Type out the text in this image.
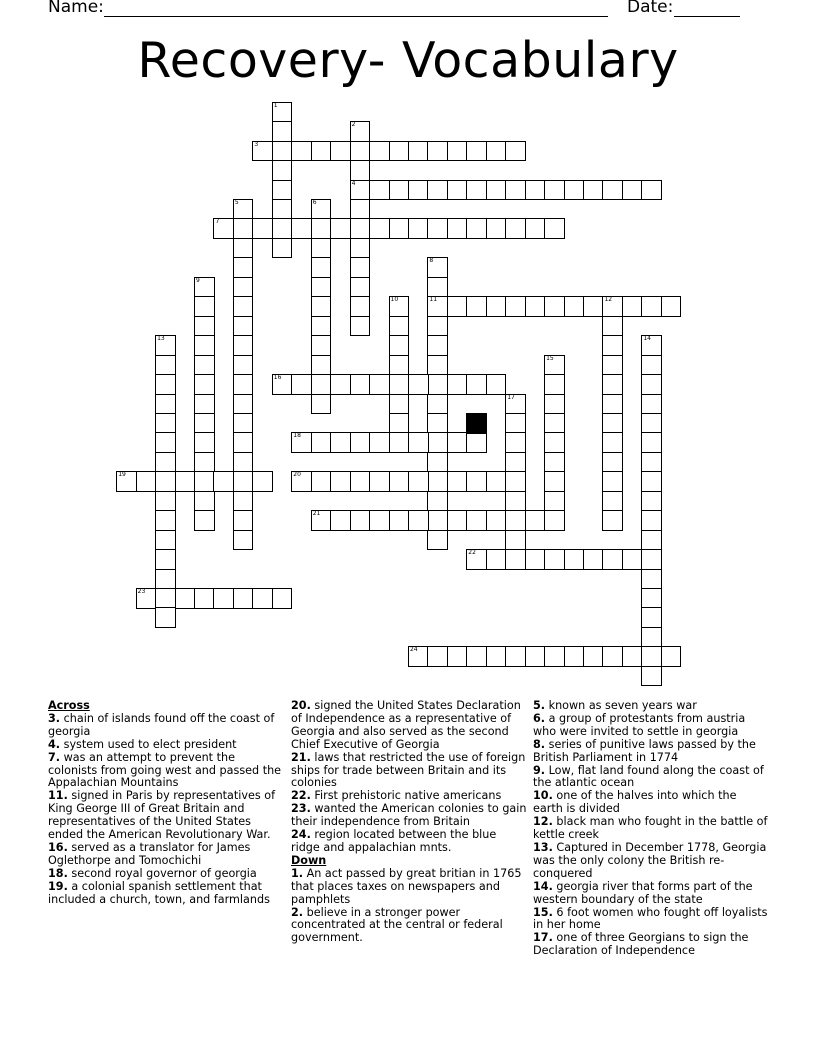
Name:	Date:
Recovery- Vocabulary
1
2
4
3
5	6
7
8
11
9
10	12
13	14
15
16
17
18
19	20
21
22
23
24
Across
3. chain of islands found off the coast of georgia
4. system used to elect president
7. was an attempt to prevent the colonists from going west and passed the Appalachian Mountains
11. signed in Paris by representatives of King George III of Great Britain and representatives of the United States ended the American Revolutionary War.
16. served as a translator for James Oglethorpe and Tomochichi
18. second royal governor of georgia
19. a colonial spanish settlement that included a church, town, and farmlands
20. signed the United States Declaration of Independence as a representative of Georgia and also served as the second Chief Executive of Georgia
21. laws that restricted the use of foreign ships for trade between Britain and its colonies
22. First prehistoric native americans
23. wanted the American colonies to gain their independence from Britain
24. region located between the blue ridge and appalachian mnts.
Down
1. An act passed by great britian in 1765 that places taxes on newspapers and pamphlets
2. believe in a stronger power concentrated at the central or federal government.
5. known as seven years war
6. a group of protestants from austria who were invited to settle in georgia
8. series of punitive laws passed by the British Parliament in 1774
9. Low, flat land found along the coast of the atlantic ocean
10. one of the halves into which the earth is divided
12. black man who fought in the battle of kettle creek
13. Captured in December 1778, Georgia was the only colony the British re-conquered
14. georgia river that forms part of the western boundary of the state
15. 6 foot women who fought off loyalists in her home
17. one of three Georgians to sign the Declaration of Independence
